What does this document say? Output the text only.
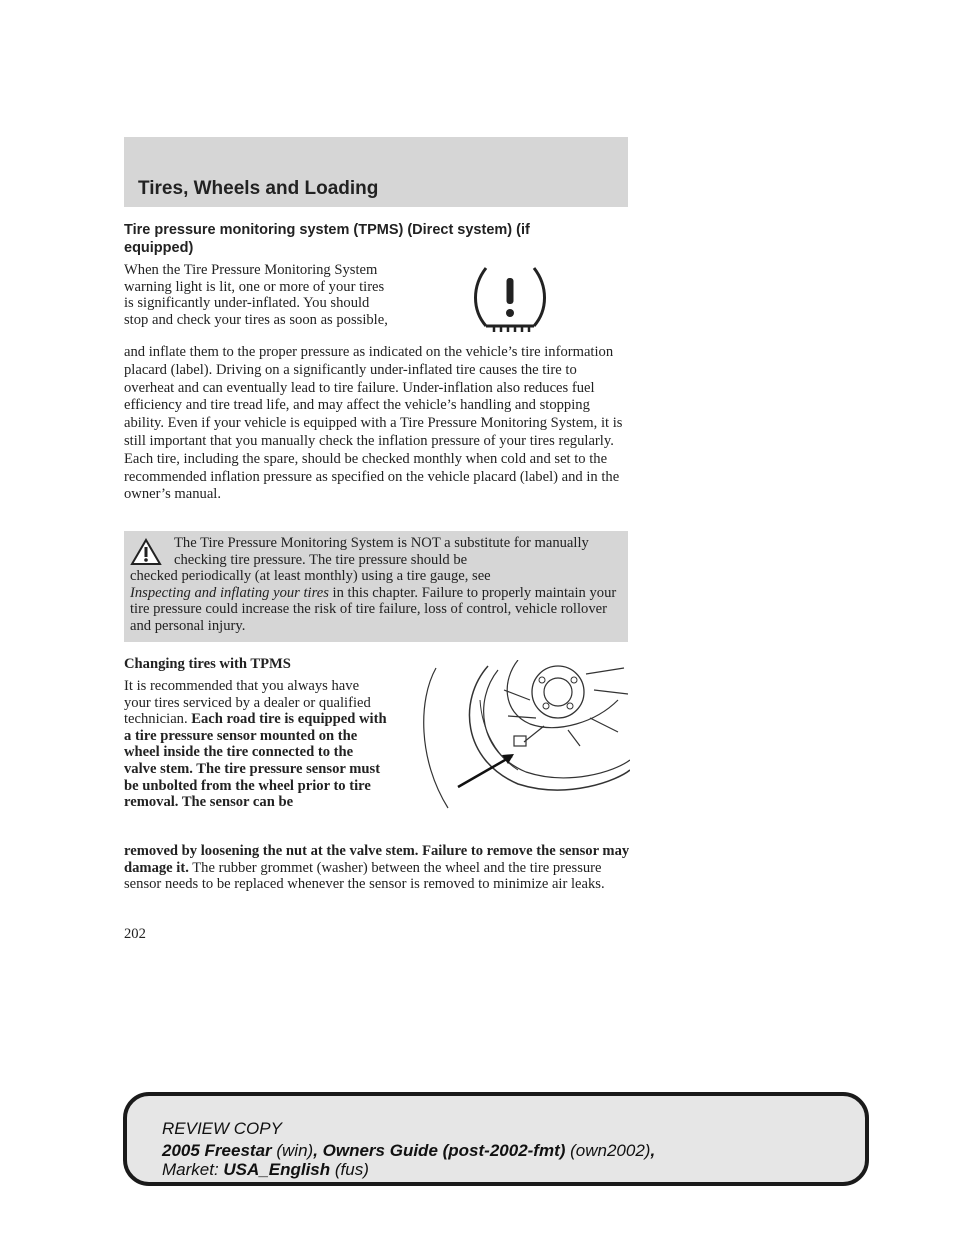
Tires, Wheels and Loading
Tire pressure monitoring system (TPMS) (Direct system) (if equipped)

When the Tire Pressure Monitoring System warning light is lit, one or more of your tires is significantly under-inflated. You should stop and check your tires as soon as possible,

and inflate them to the proper pressure as indicated on the vehicle’s tire information placard (label). Driving on a significantly under-inflated tire causes the tire to overheat and can eventually lead to tire failure. Under-inflation also reduces fuel efficiency and tire tread life, and may affect the vehicle’s handling and stopping ability. Even if your vehicle is equipped with a Tire Pressure Monitoring System, it is still important that you manually check the inflation pressure of your tires regularly. Each tire, including the spare, should be checked monthly when cold and set to the recommended inflation pressure as specified on the vehicle placard (label) and in the owner’s manual.

The Tire Pressure Monitoring System is NOT a substitute for manually checking tire pressure. The tire pressure should be

checked periodically (at least monthly) using a tire gauge, see
Inspecting and inflating your tires in this chapter. Failure to properly maintain your tire pressure could increase the risk of tire failure, loss of control, vehicle rollover and personal injury.

Changing tires with TPMS

It is recommended that you always have your tires serviced by a dealer or qualified technician. Each road tire is equipped with a tire pressure sensor mounted on the wheel inside the tire connected to the valve stem. The tire pressure sensor must be unbolted from the wheel prior to tire removal. The sensor can be

removed by loosening the nut at the valve stem. Failure to remove the sensor may damage it. The rubber grommet (washer) between the wheel and the tire pressure sensor needs to be replaced whenever the sensor is removed to minimize air leaks.

202
REVIEW COPY
2005 Freestar (win), Owners Guide (post-2002-fmt) (own2002),
Market: USA_English (fus)
